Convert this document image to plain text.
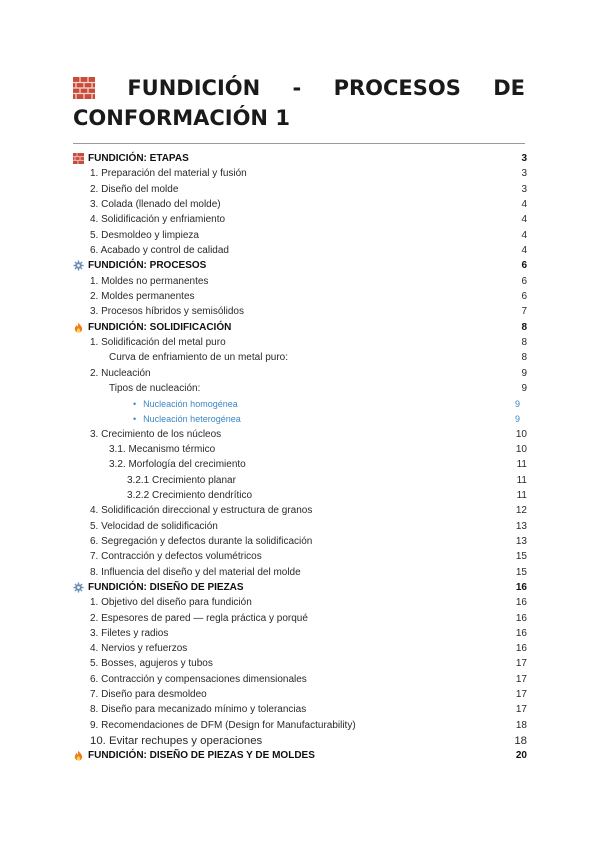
FUNDICIÓN - PROCESOS DE
CONFORMACIÓN 1
FUNDICIÓN: ETAPAS	3
1. Preparación del material y fusión	3
2. Diseño del molde	3
3. Colada (llenado del molde)	4
4. Solidificación y enfriamiento	4
5. Desmoldeo y limpieza	4
6. Acabado y control de calidad	4
FUNDICIÓN: PROCESOS	6
1. Moldes no permanentes	6
2. Moldes permanentes	6
3. Procesos híbridos y semisólidos	7
FUNDICIÓN: SOLIDIFICACIÓN	8
1. Solidificación del metal puro	8
Curva de enfriamiento de un metal puro:	8
2. Nucleación	9
Tipos de nucleación:	9
• Nucleación homogénea	9
• Nucleación heterogénea	9
3. Crecimiento de los núcleos	10
3.1. Mecanismo térmico	10
3.2. Morfología del crecimiento	11
3.2.1 Crecimiento planar	11
3.2.2 Crecimiento dendrítico	11
4. Solidificación direccional y estructura de granos	12
5. Velocidad de solidificación	13
6. Segregación y defectos durante la solidificación	13
7. Contracción y defectos volumétricos	15
8. Influencia del diseño y del material del molde	15
FUNDICIÓN: DISEÑO DE PIEZAS	16
1. Objetivo del diseño para fundición	16
2. Espesores de pared — regla práctica y porqué	16
3. Filetes y radios	16
4. Nervios y refuerzos	16
5. Bosses, agujeros y tubos	17
6. Contracción y compensaciones dimensionales	17
7. Diseño para desmoldeo	17
8. Diseño para mecanizado mínimo y tolerancias	17
9. Recomendaciones de DFM (Design for Manufacturability)	18
10. Evitar rechupes y operaciones	18
FUNDICIÓN: DISEÑO DE PIEZAS Y DE MOLDES	20
